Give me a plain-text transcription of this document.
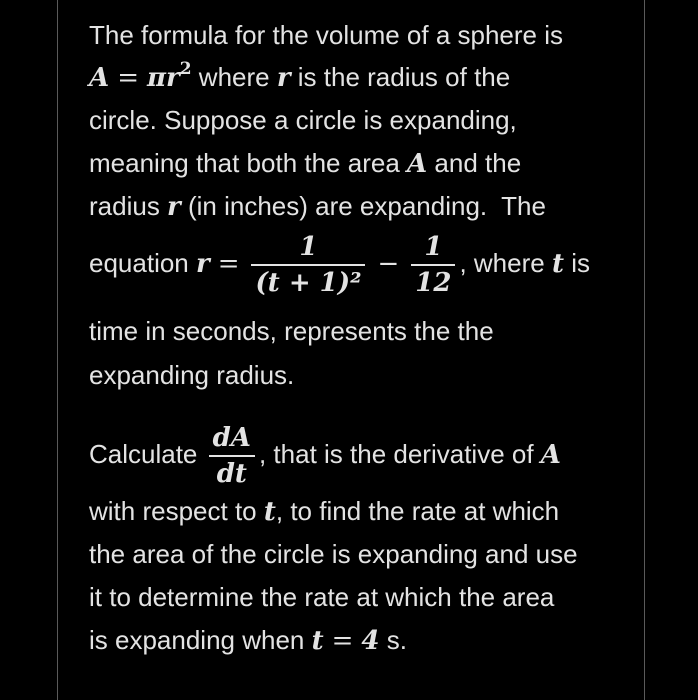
The formula for the volume of a sphere is
$A = \pi r^2$ where r is the radius of the
circle. Suppose a circle is expanding,
meaning that both the area A and the
radius r (in inches) are expanding.  The
equation $r = \frac{1}{\text{(t + 1)²}} - \frac{1}{12}$ , where t is
time in seconds, represents the the
expanding radius.
Calculate $\frac{dA}{dt}$ , that is the derivative of A
with respect to t, to find the rate at which
the area of the circle is expanding and use
it to determine the rate at which the area
is expanding when t = 4 s.
